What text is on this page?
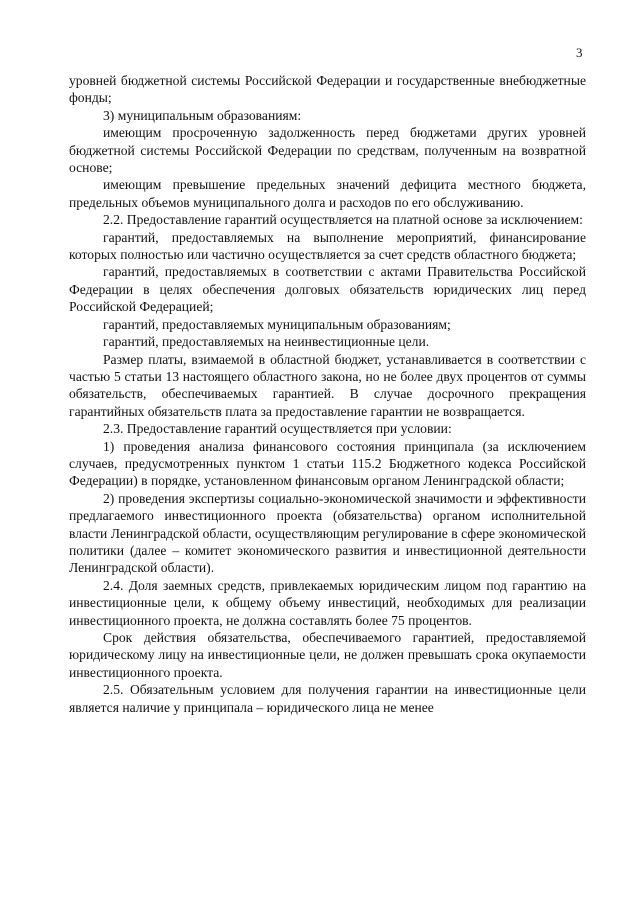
3

уровней бюджетной системы Российской Федерации и государственные внебюджетные фонды;

3) муниципальным образованиям:

имеющим просроченную задолженность перед бюджетами других уровней бюджетной системы Российской Федерации по средствам, полученным на возвратной основе;

имеющим превышение предельных значений дефицита местного бюджета, предельных объемов муниципального долга и расходов по его обслуживанию.

2.2. Предоставление гарантий осуществляется на платной основе за исключением:

гарантий, предоставляемых на выполнение мероприятий, финансирование которых полностью или частично осуществляется за счет средств областного бюджета;

гарантий, предоставляемых в соответствии с актами Правительства Российской Федерации в целях обеспечения долговых обязательств юридических лиц перед Российской Федерацией;

гарантий, предоставляемых муниципальным образованиям;

гарантий, предоставляемых на неинвестиционные цели.

Размер платы, взимаемой в областной бюджет, устанавливается в соответствии с частью 5 статьи 13 настоящего областного закона, но не более двух процентов от суммы обязательств, обеспечиваемых гарантией. В случае досрочного прекращения гарантийных обязательств плата за предоставление гарантии не возвращается.

2.3. Предоставление гарантий осуществляется при условии:

1) проведения анализа финансового состояния принципала (за исключением случаев, предусмотренных пунктом 1 статьи 115.2 Бюджетного кодекса Российской Федерации) в порядке, установленном финансовым органом Ленинградской области;

2) проведения экспертизы социально-экономической значимости и эффективности предлагаемого инвестиционного проекта (обязательства) органом исполнительной власти Ленинградской области, осуществляющим регулирование в сфере экономической политики (далее – комитет экономического развития и инвестиционной деятельности Ленинградской области).

2.4. Доля заемных средств, привлекаемых юридическим лицом под гарантию на инвестиционные цели, к общему объему инвестиций, необходимых для реализации инвестиционного проекта, не должна составлять более 75 процентов.

Срок действия обязательства, обеспечиваемого гарантией, предоставляемой юридическому лицу на инвестиционные цели, не должен превышать срока окупаемости инвестиционного проекта.

2.5. Обязательным условием для получения гарантии на инвестиционные цели является наличие у принципала – юридического лица не менее
